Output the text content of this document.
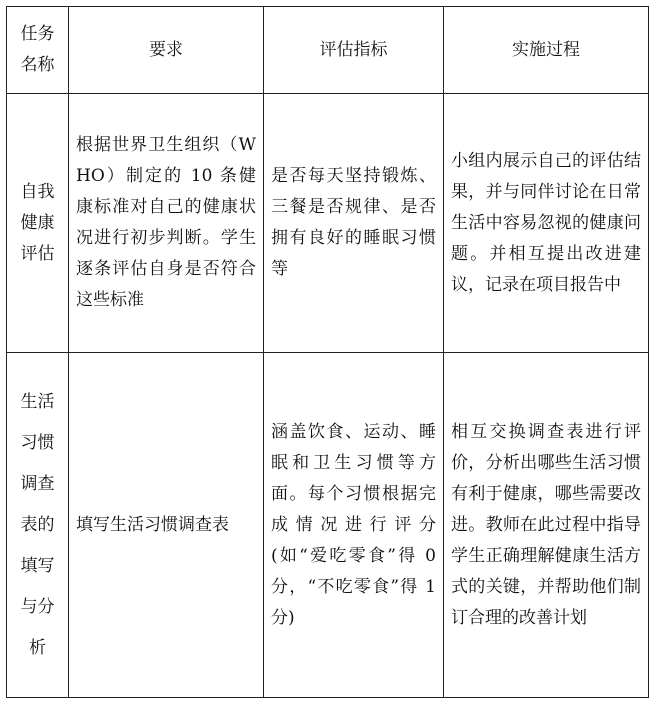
任务名称	要求	评估指标	实施过程

自我健康评估	根据世界卫生组织（WHO）制定的 10 条健康标准对自己的健康状况进行初步判断。学生逐条评估自身是否符合这些标准	是否每天坚持锻炼、三餐是否规律、是否拥有良好的睡眠习惯等	小组内展示自己的评估结果，并与同伴讨论在日常生活中容易忽视的健康问题。并相互提出改进建议，记录在项目报告中

生活习惯调查表的填写与分析	填写生活习惯调查表	涵盖饮食、运动、睡眠和卫生习惯等方面。每个习惯根据完成情况进行评分(如“爱吃零食”得 0 分，“不吃零食”得 1 分)	相互交换调查表进行评价，分析出哪些生活习惯有利于健康，哪些需要改进。教师在此过程中指导学生正确理解健康生活方式的关键，并帮助他们制订合理的改善计划
